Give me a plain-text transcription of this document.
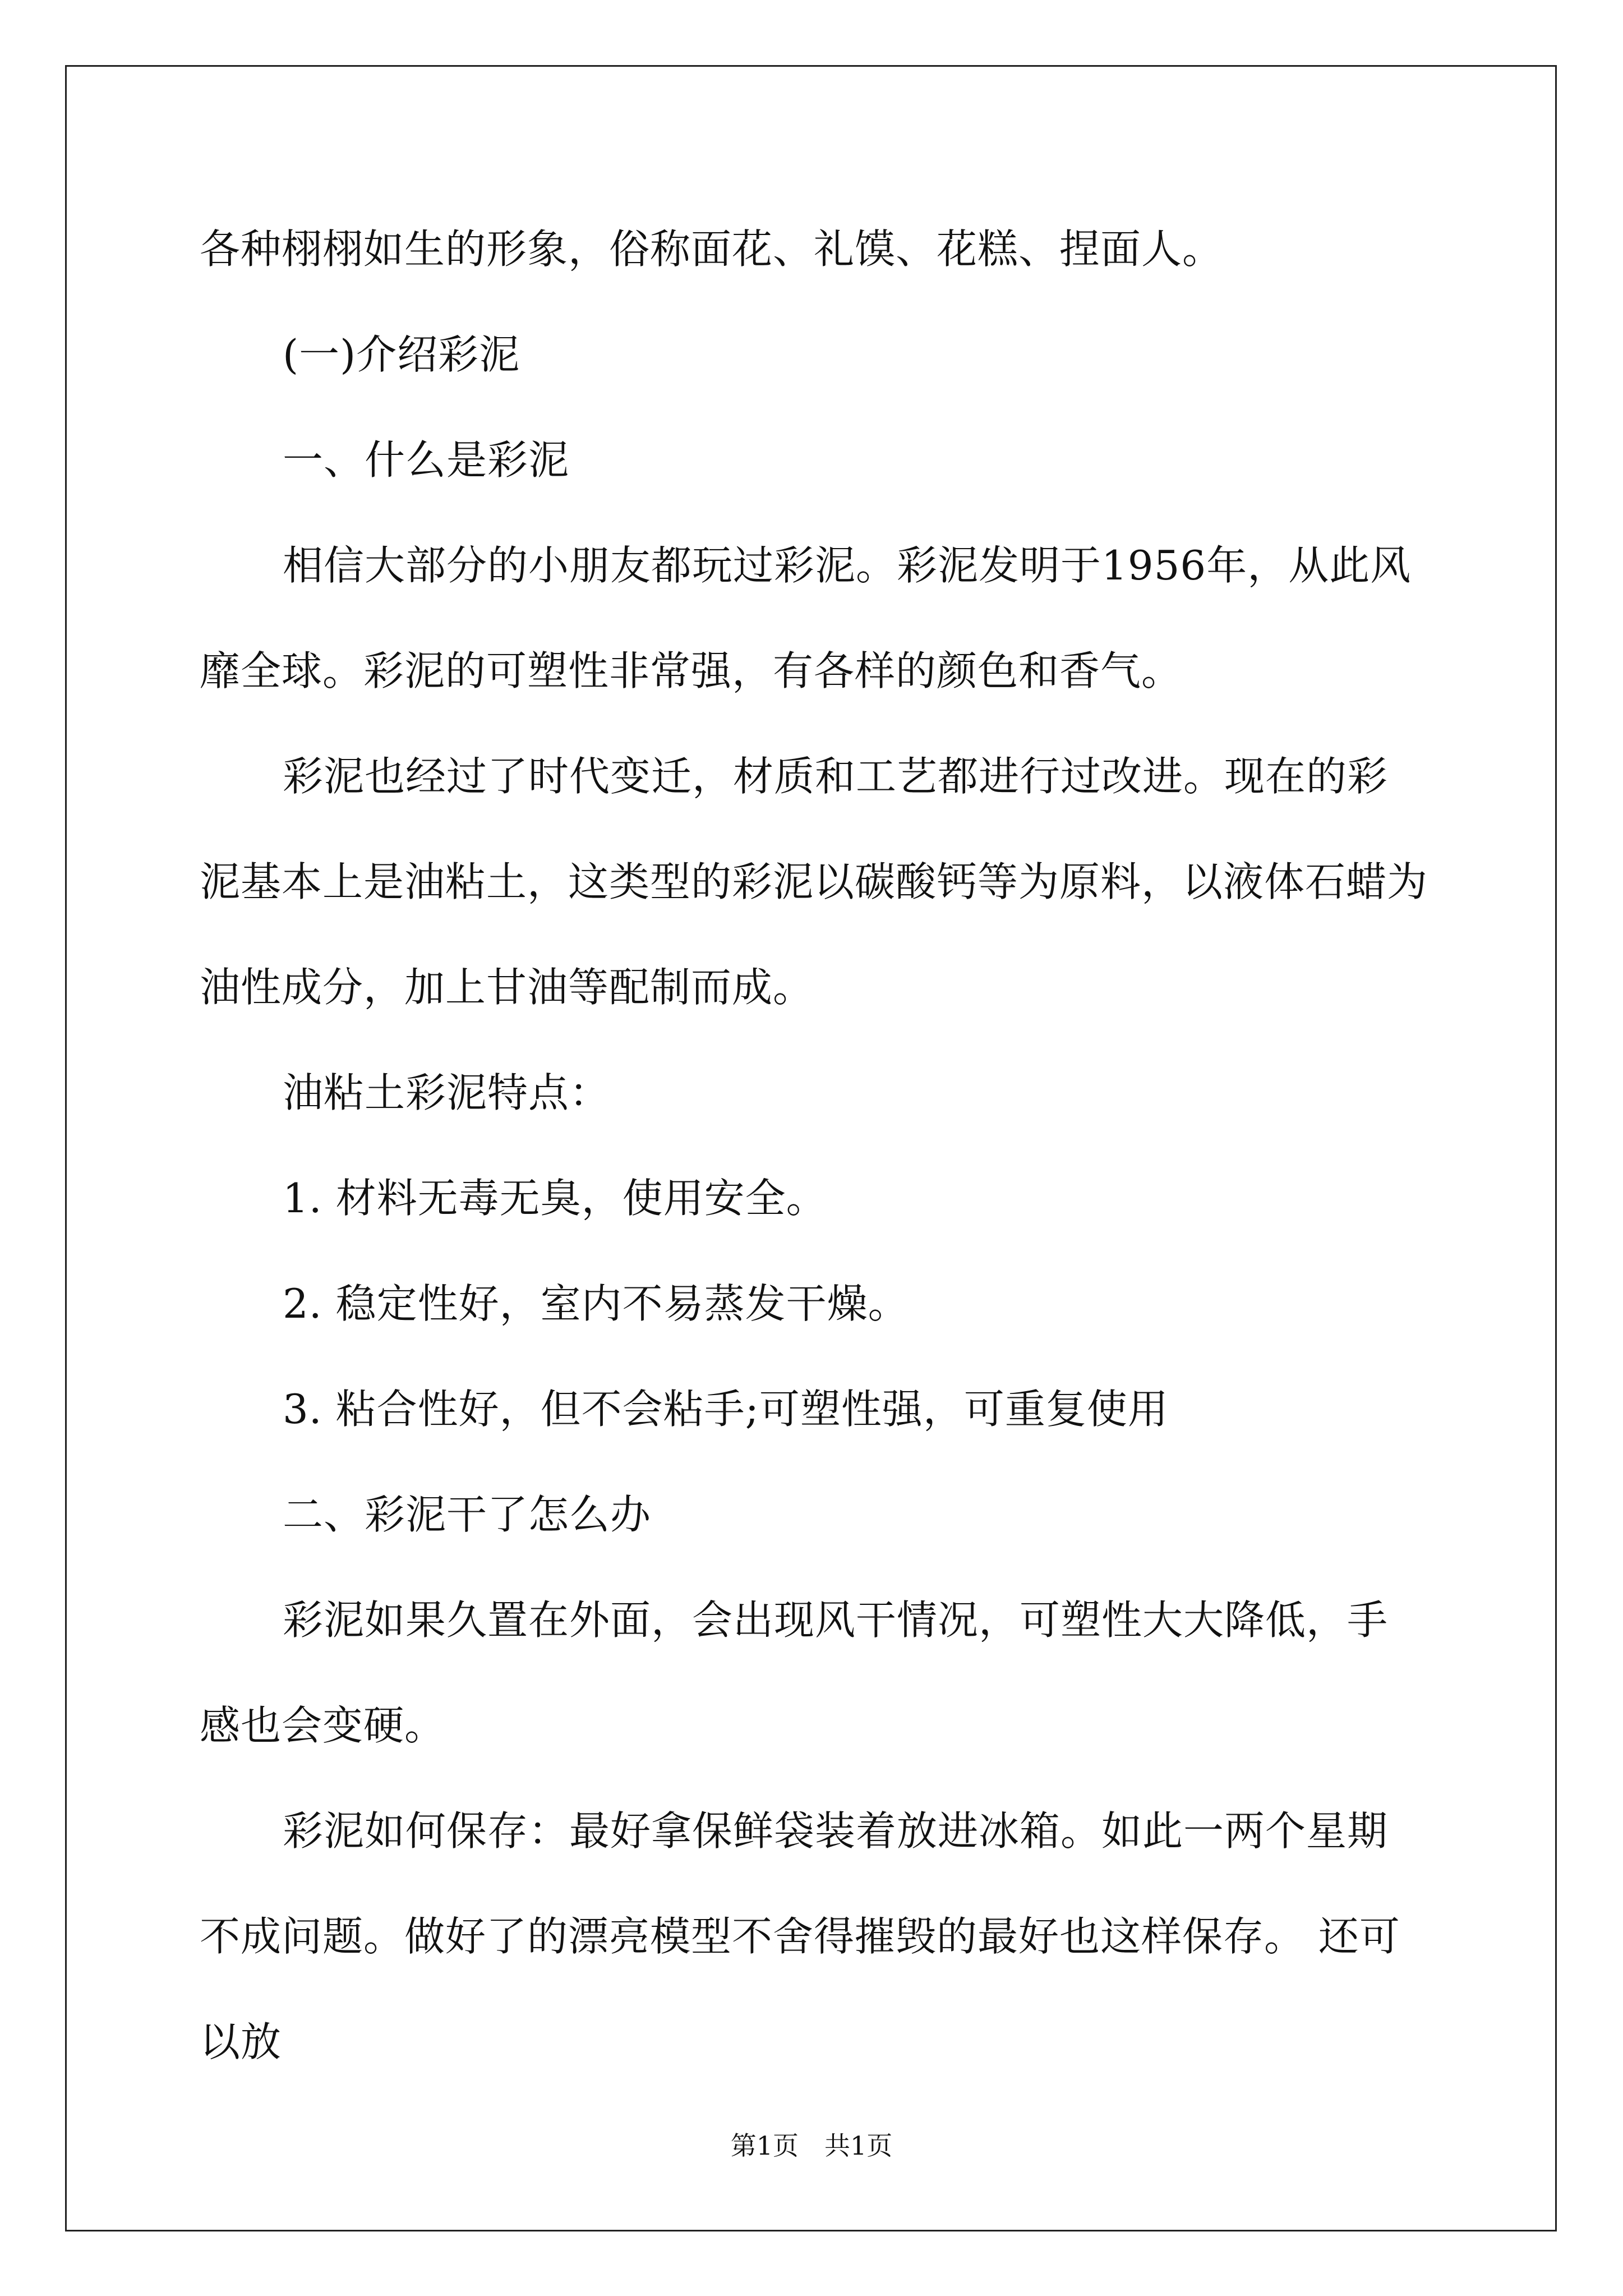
各种栩栩如生的形象，俗称面花、礼馍、花糕、捏面人。

(一)介绍彩泥

一、什么是彩泥

相信大部分的小朋友都玩过彩泥。彩泥发明于1956年，从此风靡全球。彩泥的可塑性非常强，有各样的颜色和香气。

彩泥也经过了时代变迁，材质和工艺都进行过改进。现在的彩泥基本上是油粘土，这类型的彩泥以碳酸钙等为原料，以液体石蜡为油性成分，加上甘油等配制而成。

油粘土彩泥特点：

1. 材料无毒无臭，使用安全。

2. 稳定性好，室内不易蒸发干燥。

3. 粘合性好，但不会粘手;可塑性强，可重复使用

二、彩泥干了怎么办

彩泥如果久置在外面，会出现风干情况，可塑性大大降低，手感也会变硬。

彩泥如何保存：最好拿保鲜袋装着放进冰箱。如此一两个星期不成问题。做好了的漂亮模型不舍得摧毁的最好也这样保存。 还可以放

第1页　共1页
